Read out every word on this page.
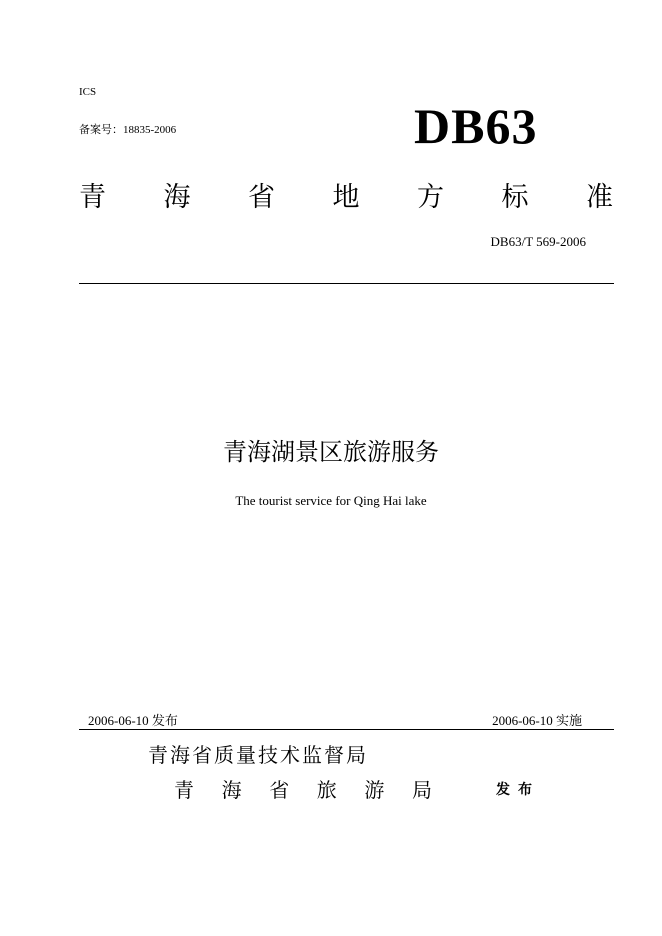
ICS
备案号：18835-2006	DB63
青 海 省 地 方 标 准
DB63/T 569-2006
青海湖景区旅游服务
The tourist service for Qing Hai lake
2006-06-10 发布	2006-06-10 实施
青海省质量技术监督局
青 海 省 旅 游 局	发布
